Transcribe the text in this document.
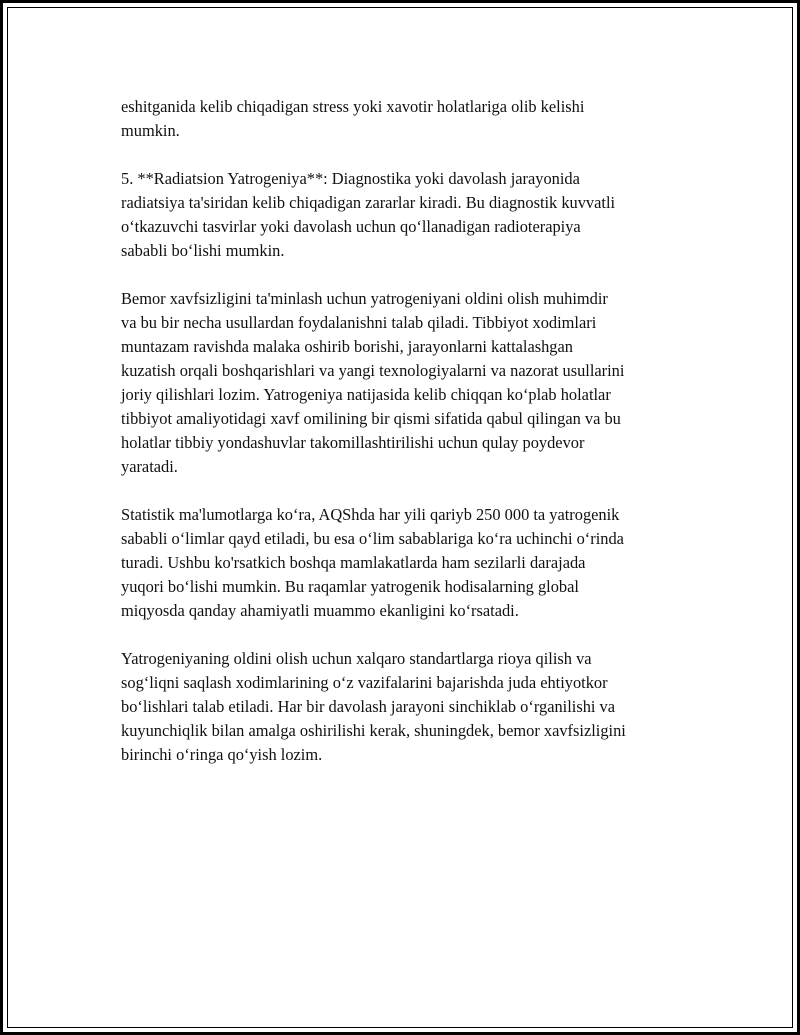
eshitganida kelib chiqadigan stress yoki xavotir holatlariga olib kelishi
mumkin.

5. **Radiatsion Yatrogeniya**: Diagnostika yoki davolash jarayonida
radiatsiya ta'siridan kelib chiqadigan zararlar kiradi. Bu diagnostik kuvvatli
o‘tkazuvchi tasvirlar yoki davolash uchun qo‘llanadigan radioterapiya
sababli bo‘lishi mumkin.

Bemor xavfsizligini ta'minlash uchun yatrogeniyani oldini olish muhimdir
va bu bir necha usullardan foydalanishni talab qiladi. Tibbiyot xodimlari
muntazam ravishda malaka oshirib borishi, jarayonlarni kattalashgan
kuzatish orqali boshqarishlari va yangi texnologiyalarni va nazorat usullarini
joriy qilishlari lozim. Yatrogeniya natijasida kelib chiqqan ko‘plab holatlar
tibbiyot amaliyotidagi xavf omilining bir qismi sifatida qabul qilingan va bu
holatlar tibbiy yondashuvlar takomillashtirilishi uchun qulay poydevor
yaratadi.

Statistik ma'lumotlarga ko‘ra, AQShda har yili qariyb 250 000 ta yatrogenik
sababli o‘limlar qayd etiladi, bu esa o‘lim sabablariga ko‘ra uchinchi o‘rinda
turadi. Ushbu ko'rsatkich boshqa mamlakatlarda ham sezilarli darajada
yuqori bo‘lishi mumkin. Bu raqamlar yatrogenik hodisalarning global
miqyosda qanday ahamiyatli muammo ekanligini ko‘rsatadi.

Yatrogeniyaning oldini olish uchun xalqaro standartlarga rioya qilish va
sog‘liqni saqlash xodimlarining o‘z vazifalarini bajarishda juda ehtiyotkor
bo‘lishlari talab etiladi. Har bir davolash jarayoni sinchiklab o‘rganilishi va
kuyunchiqlik bilan amalga oshirilishi kerak, shuningdek, bemor xavfsizligini
birinchi o‘ringa qo‘yish lozim.
